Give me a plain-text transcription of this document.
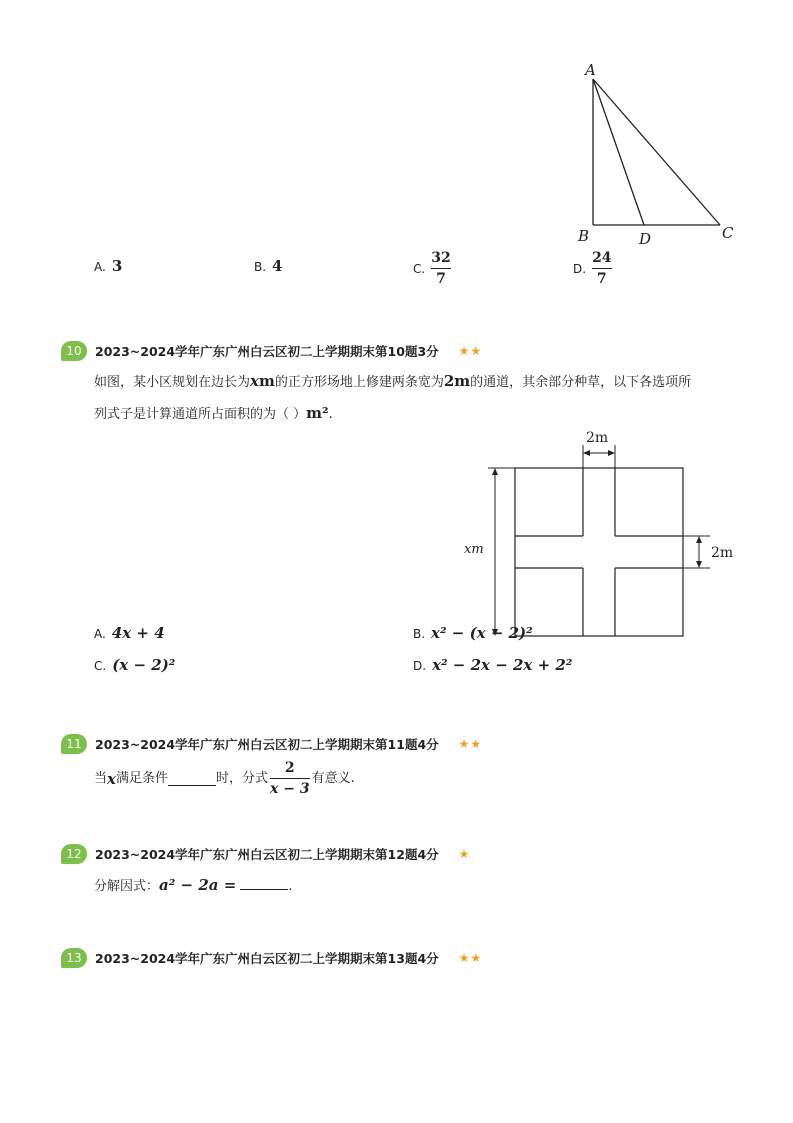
A
B	D	C
A. 3	B. 4	C. $\frac{32}{7}$	D. $\frac{24}{7}$
10	2023~2024学年广东广州白云区初二上学期期末第10题3分 ★★
如图，某小区规划在边长为xm的正方形场地上修建两条宽为2m的通道，其余部分种草，以下各选项所
列式子是计算通道所占面积的为（ ）m².
2m
2m
xm
A. 4x + 4	B. x² − (x − 2)²
C. (x − 2)²	D. x² − 2x − 2x + 2²
11	2023~2024学年广东广州白云区初二上学期期末第11题4分 ★★
当 x 满足条件	时，分式 $\frac{2}{x - 3}$ 有意义.
12	2023~2024学年广东广州白云区初二上学期期末第12题4分 ★
分解因式：a² − 2a =	.
13	2023~2024学年广东广州白云区初二上学期期末第13题4分 ★★
